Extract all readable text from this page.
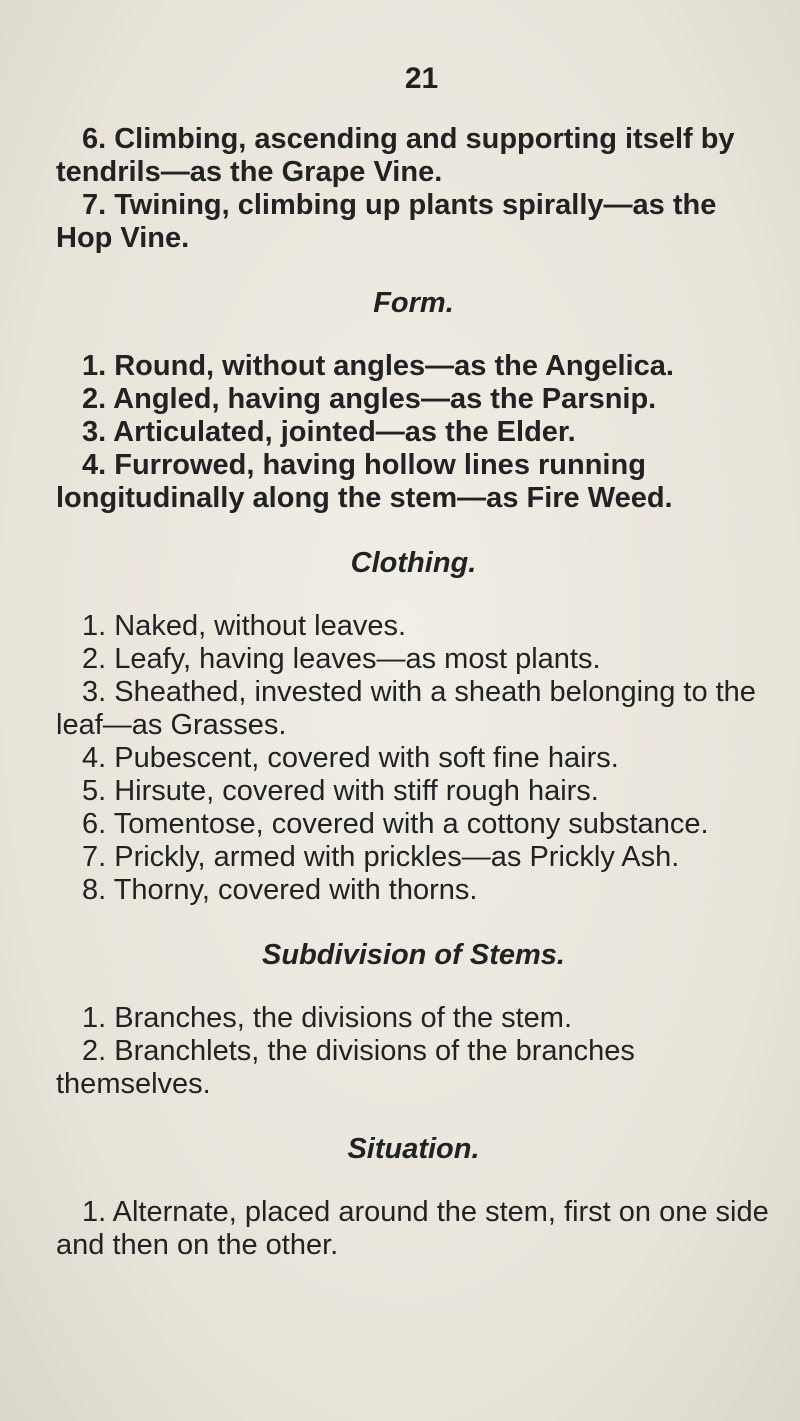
21

6. Climbing, ascending and supporting itself by tendrils—as the Grape Vine.

7. Twining, climbing up plants spirally—as the Hop Vine.

Form.

1. Round, without angles—as the Angelica.

2. Angled, having angles—as the Parsnip.

3. Articulated, jointed—as the Elder.

4. Furrowed, having hollow lines running longitudinally along the stem—as Fire Weed.

Clothing.

1. Naked, without leaves.

2. Leafy, having leaves—as most plants.

3. Sheathed, invested with a sheath belonging to the leaf—as Grasses.

4. Pubescent, covered with soft fine hairs.

5. Hirsute, covered with stiff rough hairs.

6. Tomentose, covered with a cottony substance.

7. Prickly, armed with prickles—as Prickly Ash.

8. Thorny, covered with thorns.

Subdivision of Stems.

1. Branches, the divisions of the stem.

2. Branchlets, the divisions of the branches themselves.

Situation.

1. Alternate, placed around the stem, first on one side and then on the other.
